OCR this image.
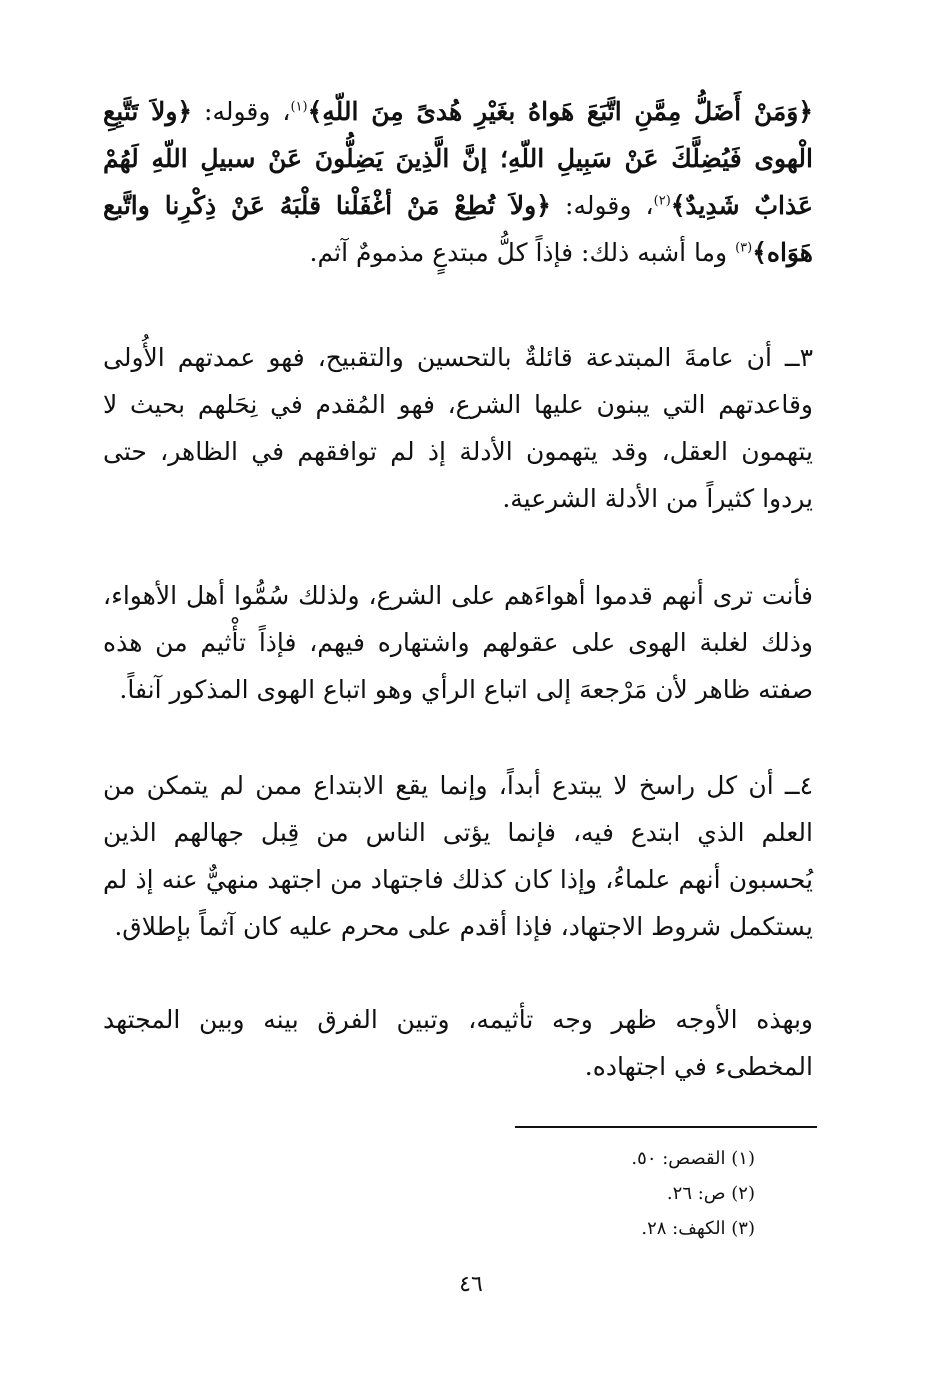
﴿وَمَنْ أَضَلُّ مِمَّنِ اتَّبَعَ هَواهُ بغَيْرِ هُدىً مِنَ اللّهِ﴾$^{(١)}$، وقوله: ﴿ولاَ تَتَّبِعِ الْهوى فَيُضِلَّكَ عَنْ سَبِيلِ اللّهِ؛ إنَّ الَّذِينَ يَضِلُّونَ عَنْ سبيلِ اللّهِ لَهُمْ عَذابٌ شَدِيدٌ﴾$^{(٢)}$، وقوله: ﴿ولاَ تُطِعْ مَنْ أغْفَلْنا قلْبَهُ عَنْ ذِكْرِنا واتَّبع هَوَاه﴾$^{(٣)}$ وما أشبه ذلك: فإذاً كلُّ مبتدعٍ مذمومٌ آثم.

٣ــ أن عامةَ المبتدعة قائلةٌ بالتحسين والتقبيح، فهو عمدتهم الأُولى وقاعدتهم التي يبنون عليها الشرع، فهو المُقدم في نِحَلهم بحيث لا يتهمون العقل، وقد يتهمون الأدلة إذ لم توافقهم في الظاهر، حتى يردوا كثيراً من الأدلة الشرعية.

فأنت ترى أنهم قدموا أهواءَهم على الشرع، ولذلك سُمُّوا أهل الأهواء، وذلك لغلبة الهوى على عقولهم واشتهاره فيهم، فإذاً تأْثيم من هذه صفته ظاهر لأن مَرْجعهَ إلى اتباع الرأي وهو اتباع الهوى المذكور آنفاً.

٤ــ أن كل راسخ لا يبتدع أبداً، وإنما يقع الابتداع ممن لم يتمكن من العلم الذي ابتدع فيه، فإنما يؤتى الناس من قِبل جهالهم الذين يُحسبون أنهم علماءُ، وإذا كان كذلك فاجتهاد من اجتهد منهيٌّ عنه إذ لم يستكمل شروط الاجتهاد، فإذا أقدم على محرم عليه كان آثماً بإطلاق.

وبهذه الأوجه ظهر وجه تأثيمه، وتبين الفرق بينه وبين المجتهد المخطىء في اجتهاده.

(١) القصص: ٥٠.

(٢) ص: ٢٦.

(٣) الكهف: ٢٨.

٤٦
